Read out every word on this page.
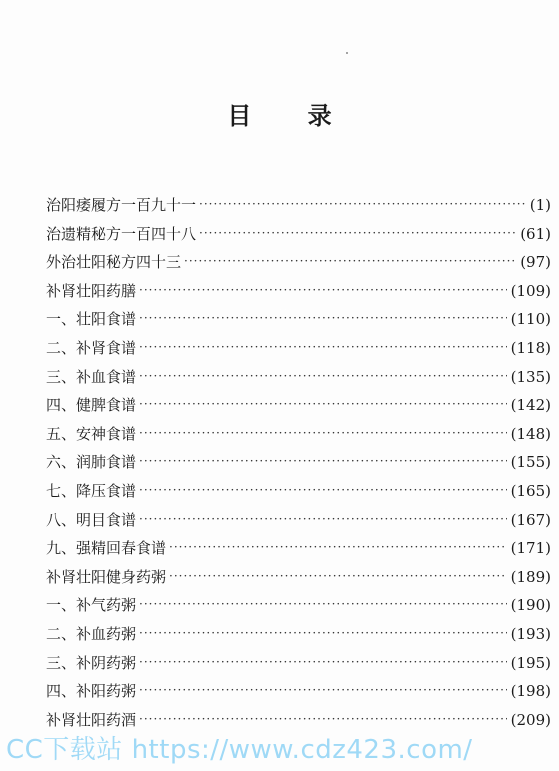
目 录
治阳痿履方一百九十一 ·····	(1)
治遗精秘方一百四十八 ·····	(61)
外治壮阳秘方四十三 ·····	(97)
补肾壮阳药膳 ·····	(109)
一、壮阳食谱 ·····	(110)
二、补肾食谱 ·····	(118)
三、补血食谱 ·····	(135)
四、健脾食谱 ·····	(142)
五、安神食谱 ·····	(148)
六、润肺食谱 ·····	(155)
七、降压食谱 ·····	(165)
八、明目食谱 ·····	(167)
九、强精回春食谱 ·····	(171)
补肾壮阳健身药粥 ·····	(189)
一、补气药粥 ·····	(190)
二、补血药粥 ·····	(193)
三、补阴药粥 ·····	(195)
四、补阳药粥 ·····	(198)
补肾壮阳药酒 ·····	(209)
CC下载站 https://www.cdz423.com/
